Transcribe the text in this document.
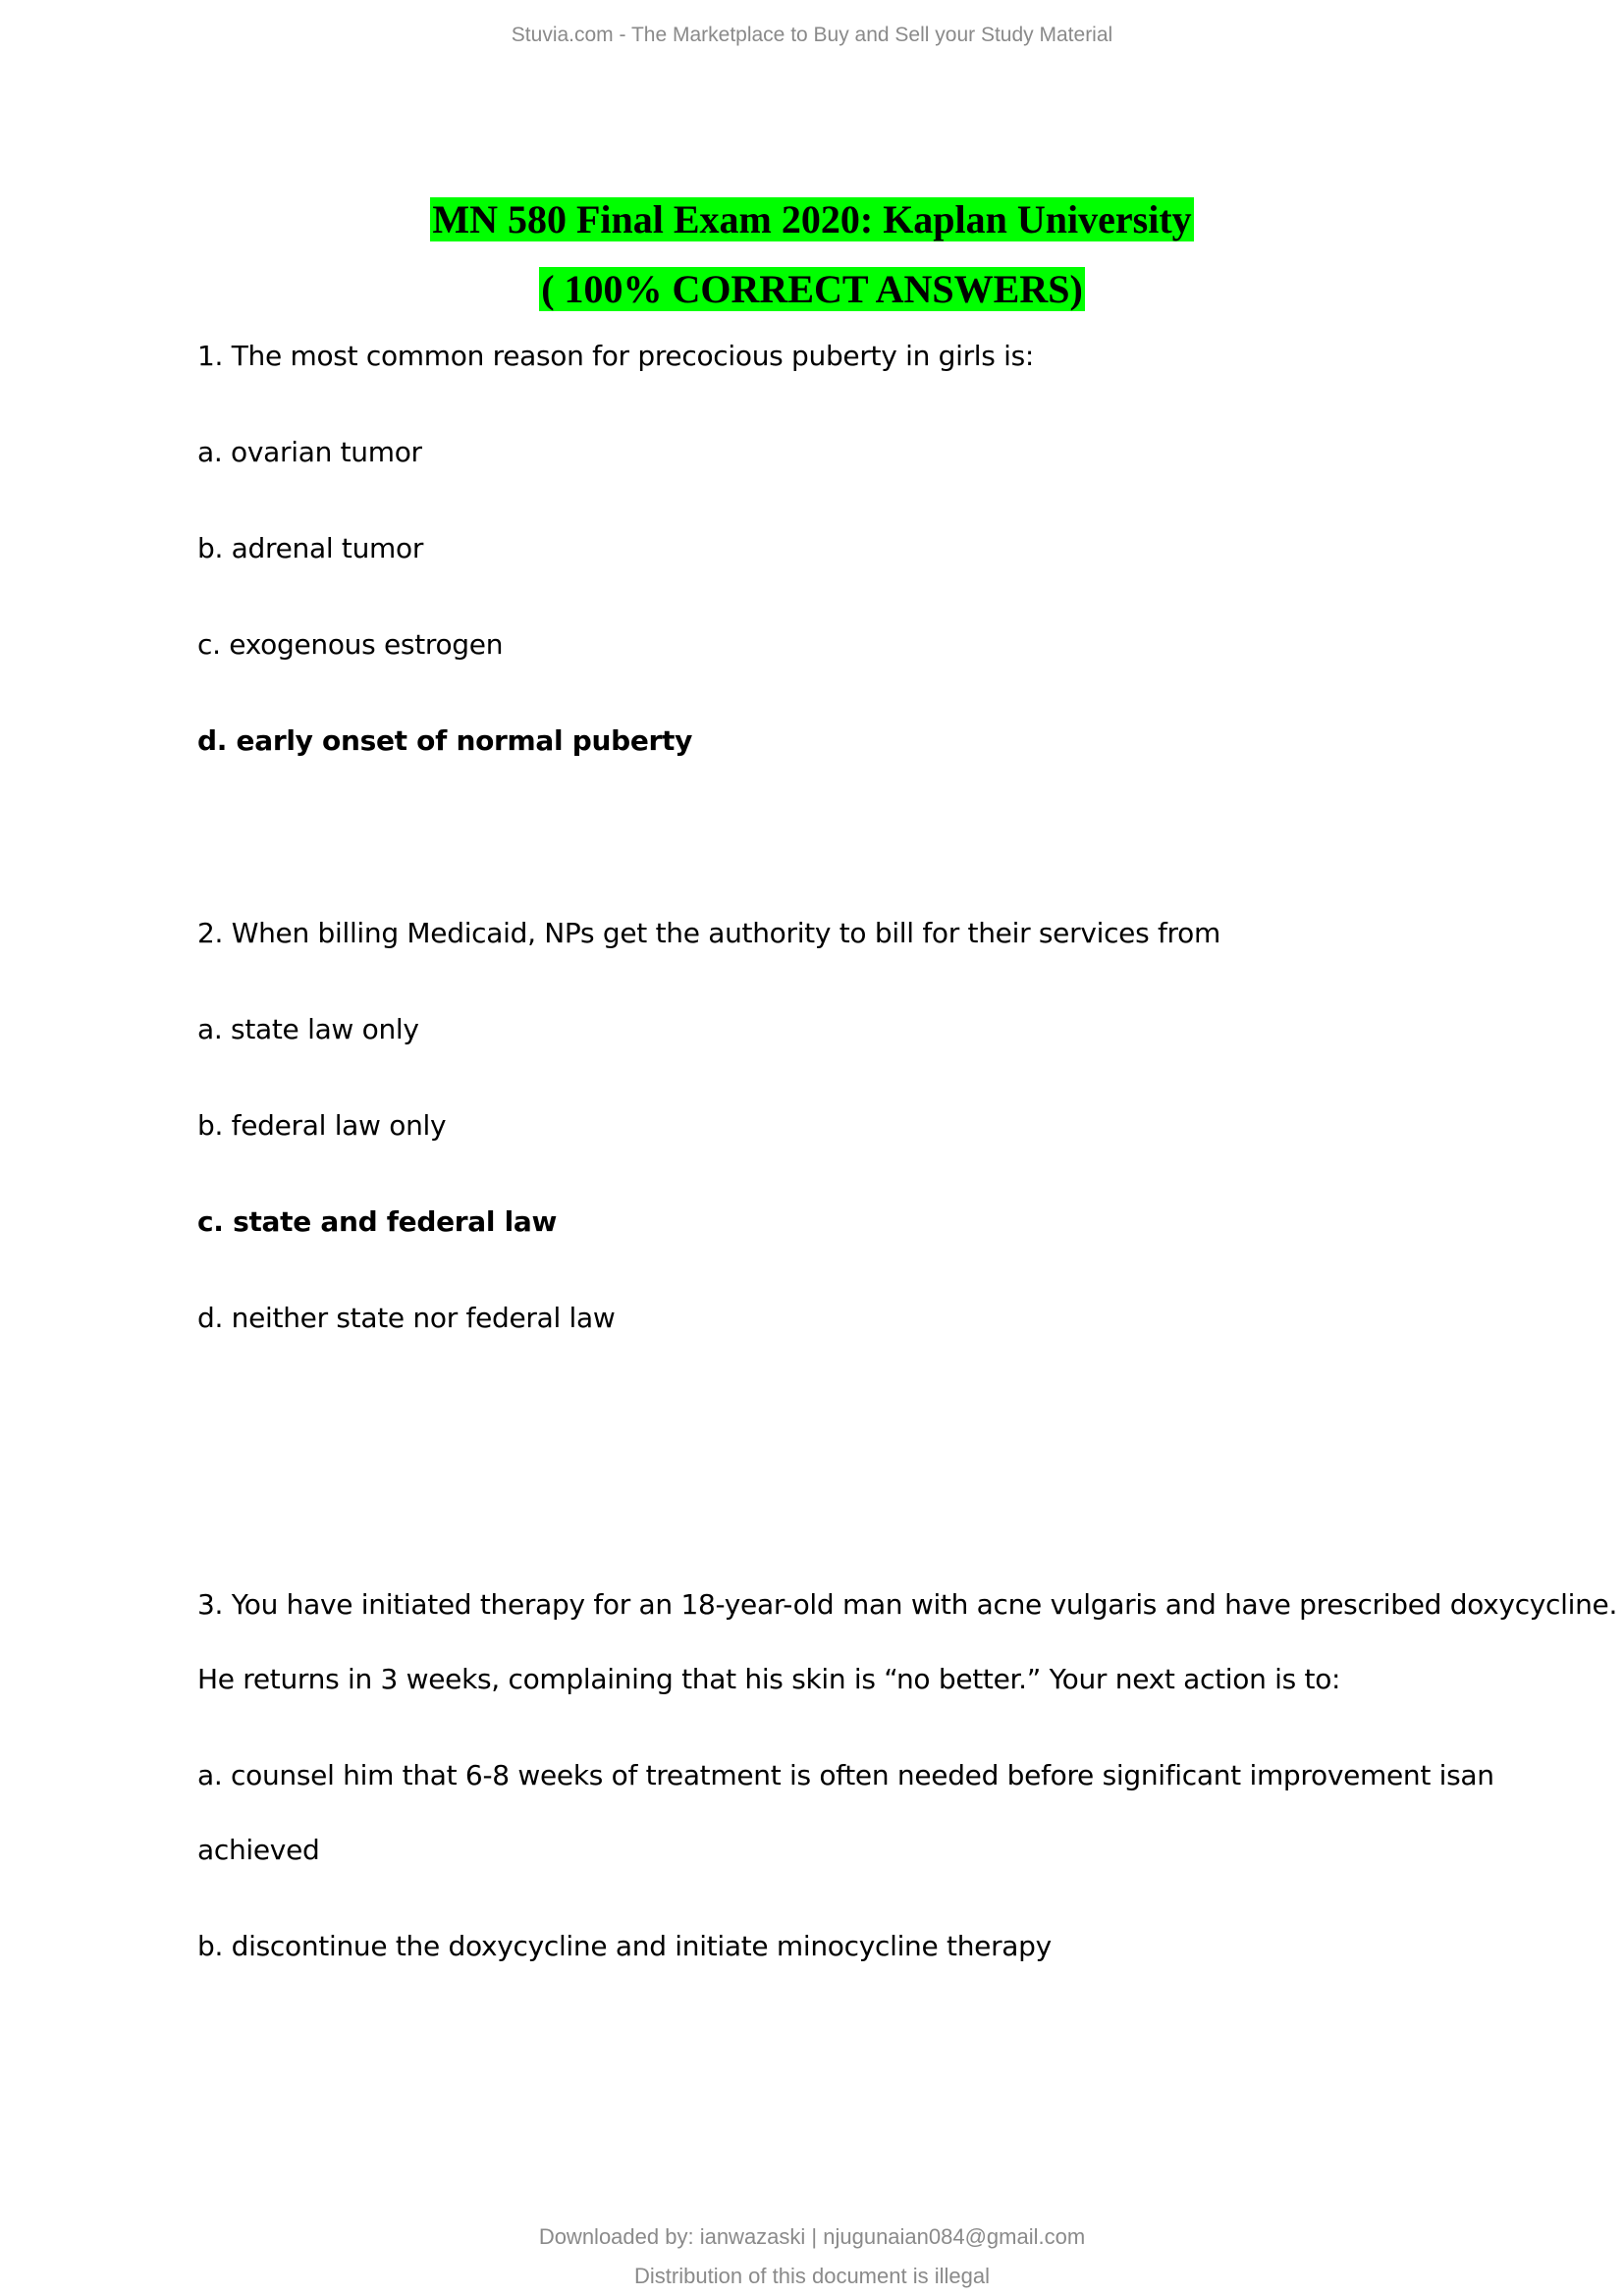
Stuvia.com - The Marketplace to Buy and Sell your Study Material
MN 580 Final Exam 2020: Kaplan University
( 100% CORRECT ANSWERS)
1. The most common reason for precocious puberty in girls is:
a. ovarian tumor
b. adrenal tumor
c. exogenous estrogen
d. early onset of normal puberty
2. When billing Medicaid, NPs get the authority to bill for their services from
a. state law only
b. federal law only
c. state and federal law
d. neither state nor federal law
3. You have initiated therapy for an 18-year-old man with acne vulgaris and have prescribed doxycycline.
He returns in 3 weeks, complaining that his skin is “no better.” Your next action is to:
a. counsel him that 6-8 weeks of treatment is often needed before significant improvement isan
achieved
b. discontinue the doxycycline and initiate minocycline therapy
Downloaded by: ianwazaski | njugunaian084@gmail.com
Distribution of this document is illegal
